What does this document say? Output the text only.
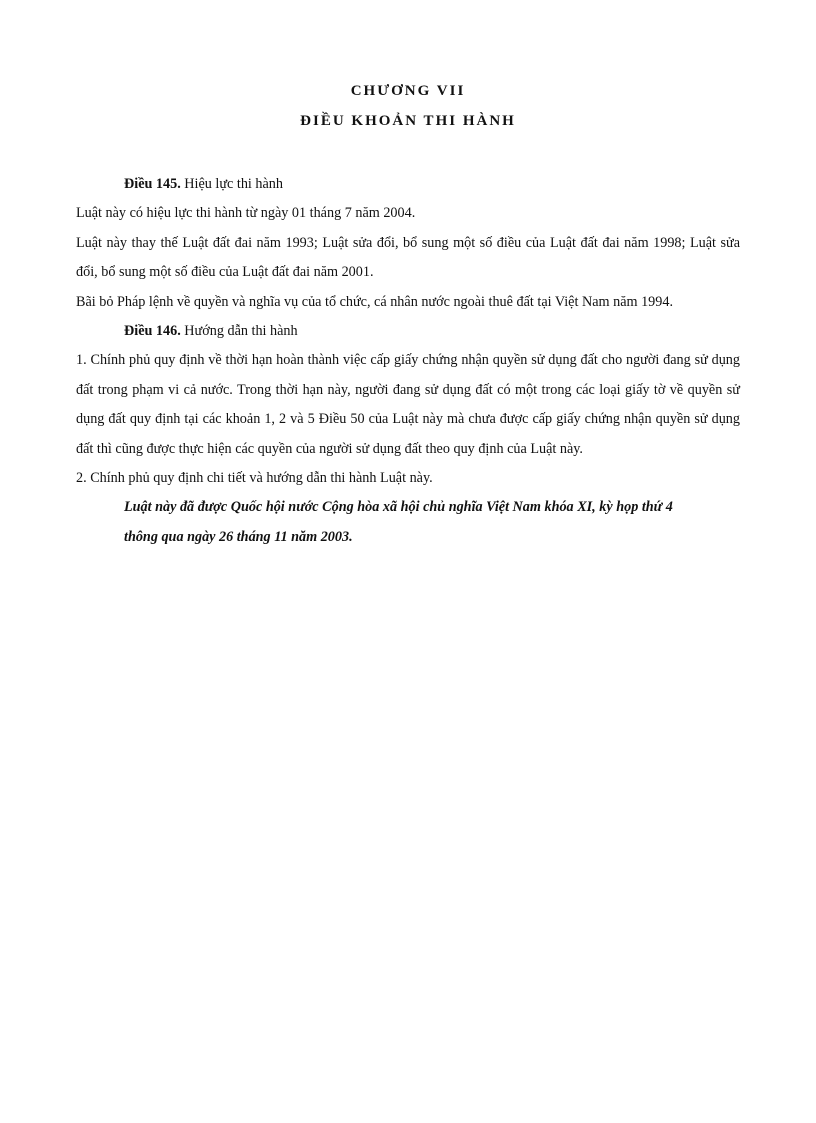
CHƯƠNG VII
ĐIỀU KHOẢN THI HÀNH

Điều 145. Hiệu lực thi hành

Luật này có hiệu lực thi hành từ ngày 01 tháng 7 năm 2004.

Luật này thay thế Luật đất đai năm 1993; Luật sửa đổi, bổ sung một số điều của Luật đất đai năm 1998; Luật sửa đổi, bổ sung một số điều của Luật đất đai năm 2001.

Bãi bỏ Pháp lệnh về quyền và nghĩa vụ của tổ chức, cá nhân nước ngoài thuê đất tại Việt Nam năm 1994.

Điều 146. Hướng dẫn thi hành

1. Chính phủ quy định về thời hạn hoàn thành việc cấp giấy chứng nhận quyền sử dụng đất cho người đang sử dụng đất trong phạm vi cả nước. Trong thời hạn này, người đang sử dụng đất có một trong các loại giấy tờ về quyền sử dụng đất quy định tại các khoản 1, 2 và 5 Điều 50 của Luật này mà chưa được cấp giấy chứng nhận quyền sử dụng đất thì cũng được thực hiện các quyền của người sử dụng đất theo quy định của Luật này.

2. Chính phủ quy định chi tiết và hướng dẫn thi hành Luật này.

Luật này đã được Quốc hội nước Cộng hòa xã hội chủ nghĩa Việt Nam khóa XI, kỳ họp thứ 4 thông qua ngày 26 tháng 11 năm 2003.
